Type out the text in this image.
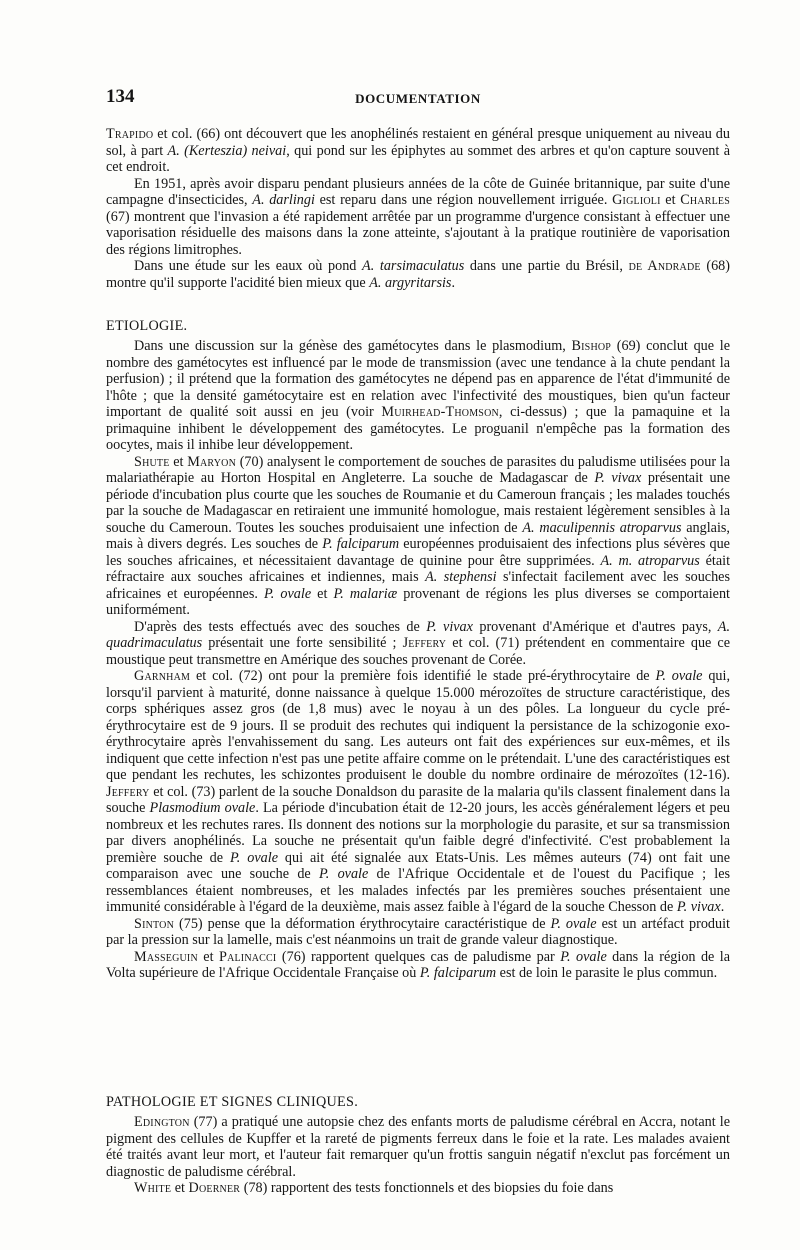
134	DOCUMENTATION

Trapido et col. (66) ont découvert que les anophélinés restaient en général presque uniquement au niveau du sol, à part A. (Kerteszia) neivai, qui pond sur les épiphytes au sommet des arbres et qu'on capture souvent à cet endroit.

En 1951, après avoir disparu pendant plusieurs années de la côte de Guinée britannique, par suite d'une campagne d'insecticides, A. darlingi est reparu dans une région nouvellement irriguée. Giglioli et Charles (67) montrent que l'invasion a été rapidement arrêtée par un programme d'urgence consistant à effectuer une vaporisation résiduelle des maisons dans la zone atteinte, s'ajoutant à la pratique routinière de vaporisation des régions limitrophes.

Dans une étude sur les eaux où pond A. tarsimaculatus dans une partie du Brésil, de Andrade (68) montre qu'il supporte l'acidité bien mieux que A. argyritarsis.

ETIOLOGIE.

Dans une discussion sur la génèse des gamétocytes dans le plasmodium, Bishop (69) conclut que le nombre des gamétocytes est influencé par le mode de transmission (avec une tendance à la chute pendant la perfusion) ; il prétend que la formation des gamétocytes ne dépend pas en apparence de l'état d'immunité de l'hôte ; que la densité gamétocytaire est en relation avec l'infectivité des moustiques, bien qu'un facteur important de qualité soit aussi en jeu (voir Muirhead-Thomson, ci-dessus) ; que la pamaquine et la primaquine inhibent le développement des gamétocytes. Le proguanil n'empêche pas la formation des oocytes, mais il inhibe leur développement.

Shute et Maryon (70) analysent le comportement de souches de parasites du paludisme utilisées pour la malariathérapie au Horton Hospital en Angleterre. La souche de Madagascar de P. vivax présentait une période d'incubation plus courte que les souches de Roumanie et du Cameroun français ; les malades touchés par la souche de Madagascar en retiraient une immunité homologue, mais restaient légèrement sensibles à la souche du Cameroun. Toutes les souches produisaient une infection de A. maculipennis atroparvus anglais, mais à divers degrés. Les souches de P. falciparum européennes produisaient des infections plus sévères que les souches africaines, et nécessitaient davantage de quinine pour être supprimées. A. m. atroparvus était réfractaire aux souches africaines et indiennes, mais A. stephensi s'infectait facilement avec les souches africaines et européennes. P. ovale et P. malariæ provenant de régions les plus diverses se comportaient uniformément.

D'après des tests effectués avec des souches de P. vivax provenant d'Amérique et d'autres pays, A. quadrimaculatus présentait une forte sensibilité ; Jeffery et col. (71) prétendent en commentaire que ce moustique peut transmettre en Amérique des souches provenant de Corée.

Garnham et col. (72) ont pour la première fois identifié le stade pré-érythrocytaire de P. ovale qui, lorsqu'il parvient à maturité, donne naissance à quelque 15.000 mérozoïtes de structure caractéristique, des corps sphériques assez gros (de 1,8 mus) avec le noyau à un des pôles. La longueur du cycle pré-érythrocytaire est de 9 jours. Il se produit des rechutes qui indiquent la persistance de la schizogonie exo-érythrocytaire après l'envahissement du sang. Les auteurs ont fait des expériences sur eux-mêmes, et ils indiquent que cette infection n'est pas une petite affaire comme on le prétendait. L'une des caractéristiques est que pendant les rechutes, les schizontes produisent le double du nombre ordinaire de mérozoïtes (12-16). Jeffery et col. (73) parlent de la souche Donaldson du parasite de la malaria qu'ils classent finalement dans la souche Plasmodium ovale. La période d'incubation était de 12-20 jours, les accès généralement légers et peu nombreux et les rechutes rares. Ils donnent des notions sur la morphologie du parasite, et sur sa transmission par divers anophélinés. La souche ne présentait qu'un faible degré d'infectivité. C'est probablement la première souche de P. ovale qui ait été signalée aux Etats-Unis. Les mêmes auteurs (74) ont fait une comparaison avec une souche de P. ovale de l'Afrique Occidentale et de l'ouest du Pacifique ; les ressemblances étaient nombreuses, et les malades infectés par les premières souches présentaient une immunité considérable à l'égard de la deuxième, mais assez faible à l'égard de la souche Chesson de P. vivax.

Sinton (75) pense que la déformation érythrocytaire caractéristique de P. ovale est un artéfact produit par la pression sur la lamelle, mais c'est néanmoins un trait de grande valeur diagnostique.

Masseguin et Palinacci (76) rapportent quelques cas de paludisme par P. ovale dans la région de la Volta supérieure de l'Afrique Occidentale Française où P. falciparum est de loin le parasite le plus commun.

PATHOLOGIE ET SIGNES CLINIQUES.

Edington (77) a pratiqué une autopsie chez des enfants morts de paludisme cérébral en Accra, notant le pigment des cellules de Kupffer et la rareté de pigments ferreux dans le foie et la rate. Les malades avaient été traités avant leur mort, et l'auteur fait remarquer qu'un frottis sanguin négatif n'exclut pas forcément un diagnostic de paludisme cérébral.

White et Doerner (78) rapportent des tests fonctionnels et des biopsies du foie dans
